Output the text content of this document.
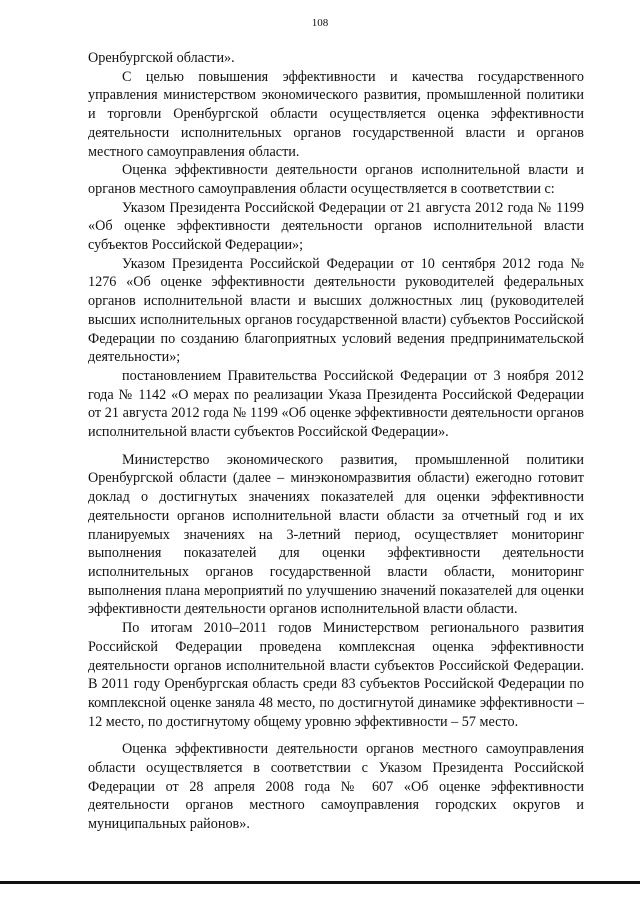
108

Оренбургской области».

С целью повышения эффективности и качества государственного управления министерством экономического развития, промышленной политики и торговли Оренбургской области осуществляется оценка эффективности деятельности исполнительных органов государственной власти и органов местного самоуправления области.

Оценка эффективности деятельности органов исполнительной власти и органов местного самоуправления области осуществляется в соответствии с:

Указом Президента Российской Федерации от 21 августа 2012 года № 1199 «Об оценке эффективности деятельности органов исполнительной власти субъектов Российской Федерации»;

Указом Президента Российской Федерации от 10 сентября 2012 года № 1276 «Об оценке эффективности деятельности руководителей федеральных органов исполнительной власти и высших должностных лиц (руководителей высших исполнительных органов государственной власти) субъектов Российской Федерации по созданию благоприятных условий ведения предпринимательской деятельности»;

постановлением Правительства Российской Федерации от 3 ноября 2012 года № 1142 «О мерах по реализации Указа Президента Российской Федерации от 21 августа 2012 года № 1199 «Об оценке эффективности деятельности органов исполнительной власти субъектов Российской Федерации».

Министерство экономического развития, промышленной политики Оренбургской области (далее – минэкономразвития области) ежегодно готовит доклад о достигнутых значениях показателей для оценки эффективности деятельности органов исполнительной власти области за отчетный год и их планируемых значениях на 3-летний период, осуществляет мониторинг выполнения показателей для оценки эффективности деятельности исполнительных органов государственной власти области, мониторинг выполнения плана мероприятий по улучшению значений показателей для оценки эффективности деятельности органов исполнительной власти области.

По итогам 2010–2011 годов Министерством регионального развития Российской Федерации проведена комплексная оценка эффективности деятельности органов исполнительной власти субъектов Российской Федерации. В 2011 году Оренбургская область среди 83 субъектов Российской Федерации по комплексной оценке заняла 48 место, по достигнутой динамике эффективности – 12 место, по достигнутому общему уровню эффективности – 57 место.

Оценка эффективности деятельности органов местного самоуправления области осуществляется в соответствии с Указом Президента Российской Федерации от 28 апреля 2008 года № 607 «Об оценке эффективности деятельности органов местного самоуправления городских округов и муниципальных районов».
